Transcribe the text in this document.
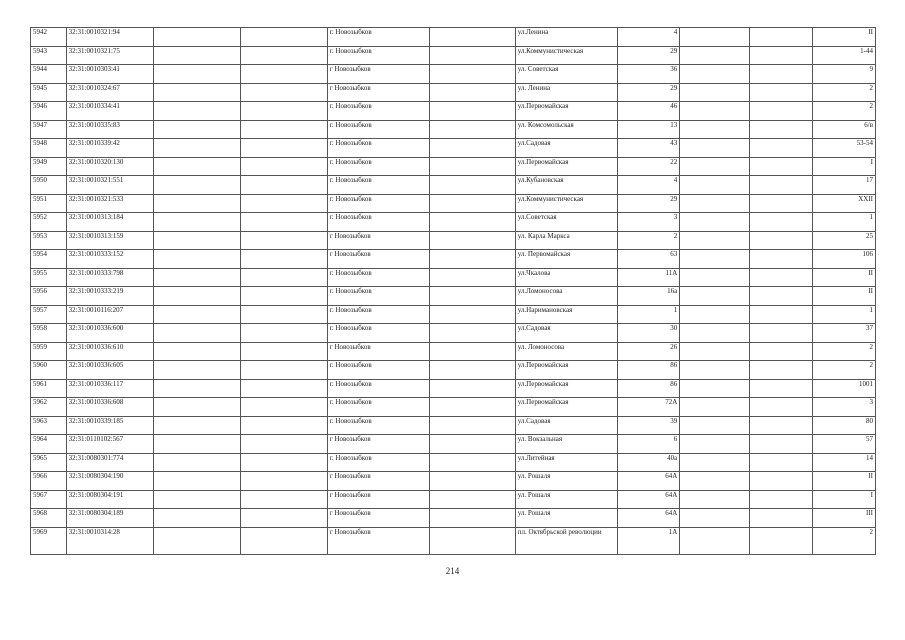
5942	32:31:0010321:94			г. Новозыбков		ул.Ленина	4			II
5943	32:31:0010321:75			г. Новозыбков		ул.Коммунистическая	29			1-44
5944	32:31:0010303:41			г Новозыбков		ул. Советская	36			9
5945	32:31:0010324:67			г Новозыбков		ул. Ленина	29			2
5946	32:31:0010334:41			г. Новозыбков		ул.Первомайская	46			2
5947	32:31:0010335:83			г. Новозыбков		ул. Комсомольская	13			6/в
5948	32:31:0010339:42			г. Новозыбков		ул.Садовая	43			53-54
5949	32:31:0010320:130			г. Новозыбков		ул.Первомайская	22			I
5950	32:31:0010321:551			г. Новозыбков		ул.Кубановская	4			17
5951	32:31:0010321:533			г. Новозыбков		ул.Коммунистическая	29			XXII
5952	32:31:0010313:184			г. Новозыбков		ул.Советская	3			1
5953	32:31:0010313:159			г Новозыбков		ул. Карла Маркса	2			25
5954	32:31:0010333:152			г Новозыбков		ул. Первомайская	63			106
5955	32:31:0010333:798			г. Новозыбков		ул.Чкалова	11А			II
5956	32:31:0010333:219			г. Новозыбков		ул.Ломоносова	16а			II
5957	32:31:0010116:207			г. Новозыбков		ул.Наримановская	1			1
5958	32:31:0010336:600			г. Новозыбков		ул.Садовая	30			37
5959	32:31:0010336:610			г Новозыбков		ул. Ломоносова	26			2
5960	32:31:0010336:605			г. Новозыбков		ул.Первомайская	86			2
5961	32:31:0010336:117			г. Новозыбков		ул.Первомайская	86			1001
5962	32:31:0010336:608			г. Новозыбков		ул.Первомайская	72А			3
5963	32:31:0010339:185			г. Новозыбков		ул.Садовая	39			80
5964	32:31:0110102:567			г Новозыбков		ул. Вокзальная	6			57
5965	32:31:0080301:774			г. Новозыбков		ул.Литейная	40а			14
5966	32:31:0080304:190			г Новозыбков		ул. Рошаля	64А			II
5967	32:31:0080304:191			г Новозыбков		ул. Рошаля	64А			I
5968	32:31:0080304:189			г Новозыбков		ул. Рошаля	64А			III
5969	32:31:0010314:28			г Новозыбков		пл. Октябрьской революции	1А			2
214
